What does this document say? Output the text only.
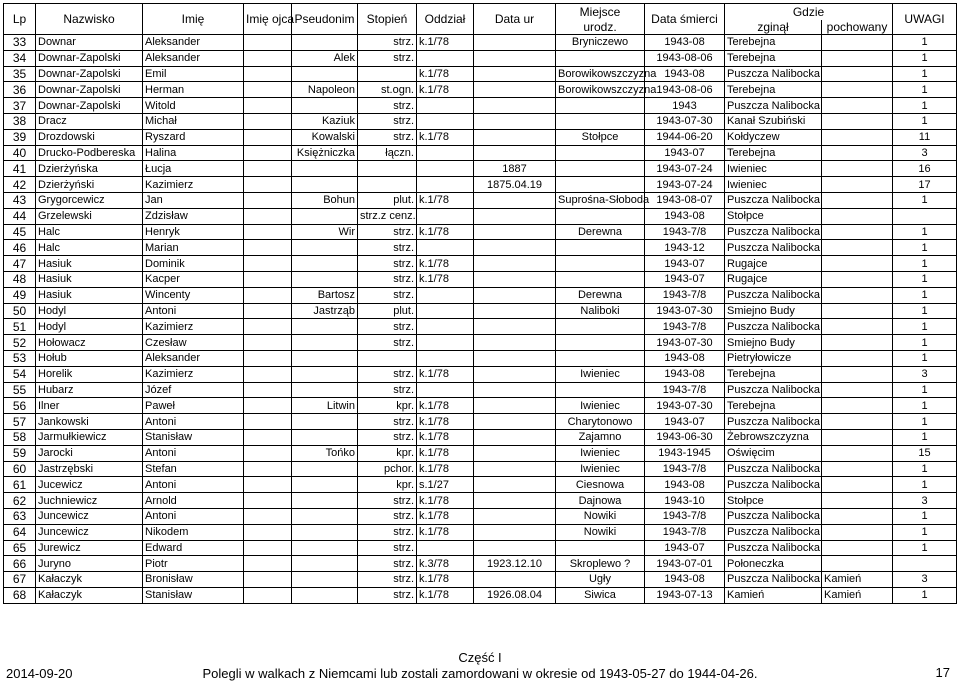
Lp	Nazwisko	Imię	Imię ojca	Pseudonim	Stopień	Oddział	Data ur	Miejsce	Data śmierci	Gdzie		UWAGI
								urodz.		zginął	pochowany	
33	Downar	Aleksander			strz.	k.1/78		Bryniczewo	1943-08	Terebejna		1
34	Downar-Zapolski	Aleksander		Alek	strz.				1943-08-06	Terebejna		1
35	Downar-Zapolski	Emil				k.1/78		Borowikowszczyzna	1943-08	Puszcza Nalibocka		1
36	Downar-Zapolski	Herman		Napoleon	st.ogn.	k.1/78		Borowikowszczyzna	1943-08-06	Terebejna		1
37	Downar-Zapolski	Witold			strz.				1943	Puszcza Nalibocka		1
38	Dracz	Michał		Kaziuk	strz.				1943-07-30	Kanał Szubiński		1
39	Drozdowski	Ryszard		Kowalski	strz.	k.1/78		Stołpce	1944-06-20	Kołdyczew		11
40	Drucko-Podbereska	Halina		Księżniczka	łączn.				1943-07	Terebejna		3
41	Dzierżyńska	Łucja					1887		1943-07-24	Iwieniec		16
42	Dzierżyński	Kazimierz					1875.04.19		1943-07-24	Iwieniec		17
43	Grygorcewicz	Jan		Bohun	plut.	k.1/78		Suprośna-Słoboda	1943-08-07	Puszcza Nalibocka		1
44	Grzelewski	Zdzisław			strz.z cenz.				1943-08	Stołpce		
45	Halc	Henryk		Wir	strz.	k.1/78		Derewna	1943-7/8	Puszcza Nalibocka		1
46	Halc	Marian			strz.				1943-12	Puszcza Nalibocka		1
47	Hasiuk	Dominik			strz.	k.1/78			1943-07	Rugajce		1
48	Hasiuk	Kacper			strz.	k.1/78			1943-07	Rugajce		1
49	Hasiuk	Wincenty		Bartosz	strz.			Derewna	1943-7/8	Puszcza Nalibocka		1
50	Hodyl	Antoni		Jastrząb	plut.			Naliboki	1943-07-30	Smiejno Budy		1
51	Hodyl	Kazimierz			strz.				1943-7/8	Puszcza Nalibocka		1
52	Hołowacz	Czesław			strz.				1943-07-30	Smiejno Budy		1
53	Hołub	Aleksander							1943-08	Pietryłowicze		1
54	Horelik	Kazimierz			strz.	k.1/78		Iwieniec	1943-08	Terebejna		3
55	Hubarz	Józef			strz.				1943-7/8	Puszcza Nalibocka		1
56	Ilner	Paweł		Litwin	kpr.	k.1/78		Iwieniec	1943-07-30	Terebejna		1
57	Jankowski	Antoni			strz.	k.1/78		Charytonowo	1943-07	Puszcza Nalibocka		1
58	Jarmułkiewicz	Stanisław			strz.	k.1/78		Zajamno	1943-06-30	Żebrowszczyzna		1
59	Jarocki	Antoni		Tońko	kpr.	k.1/78		Iwieniec	1943-1945	Oświęcim		15
60	Jastrzębski	Stefan			pchor.	k.1/78		Iwieniec	1943-7/8	Puszcza Nalibocka		1
61	Jucewicz	Antoni			kpr.	s.1/27		Ciesnowa	1943-08	Puszcza Nalibocka		1
62	Juchniewicz	Arnold			strz.	k.1/78		Dajnowa	1943-10	Stołpce		3
63	Juncewicz	Antoni			strz.	k.1/78		Nowiki	1943-7/8	Puszcza Nalibocka		1
64	Juncewicz	Nikodem			strz.	k.1/78		Nowiki	1943-7/8	Puszcza Nalibocka		1
65	Jurewicz	Edward			strz.				1943-07	Puszcza Nalibocka		1
66	Juryno	Piotr			strz.	k.3/78	1923.12.10	Skroplewo ?	1943-07-01	Połoneczka		
67	Kałaczyk	Bronisław			strz.	k.1/78		Ugły	1943-08	Puszcza Nalibocka	Kamień	3
68	Kałaczyk	Stanisław			strz.	k.1/78	1926.08.04	Siwica	1943-07-13	Kamień	Kamień	1
Część I
2014-09-20	Polegli w walkach z Niemcami lub zostali zamordowani w okresie od 1943-05-27 do 1944-04-26.	17
